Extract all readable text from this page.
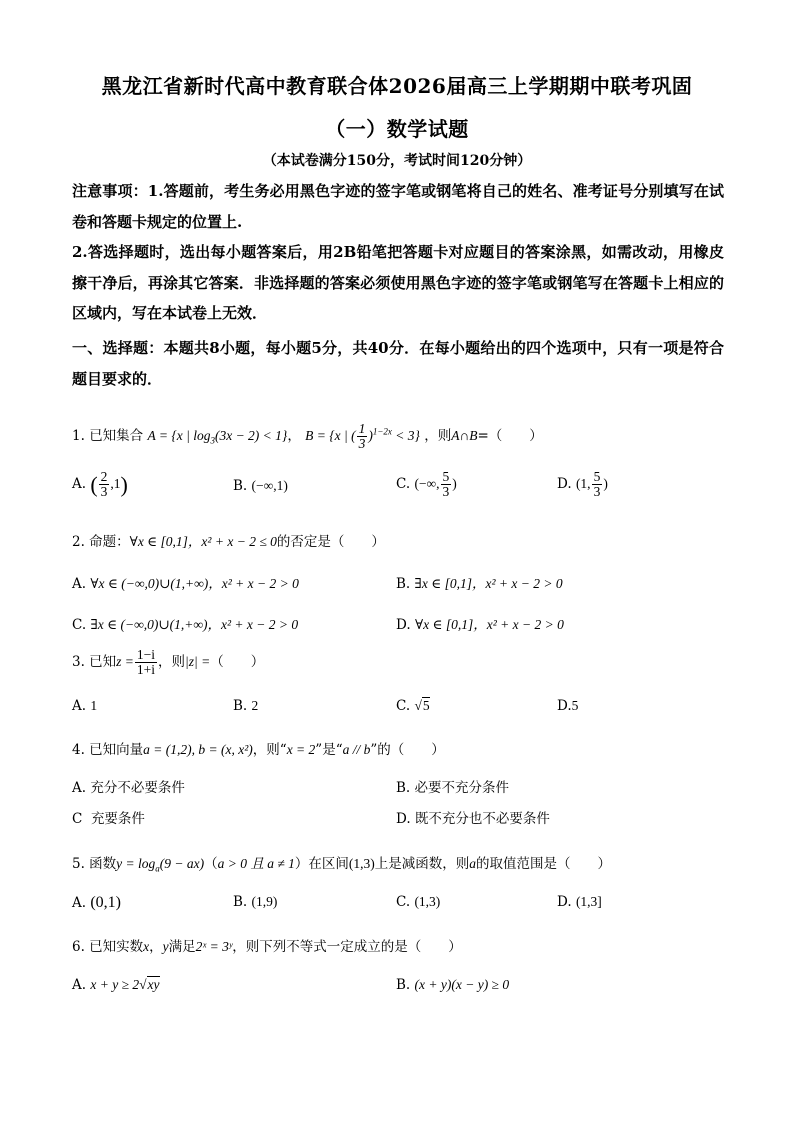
黑龙江省新时代高中教育联合体2026届高三上学期期中联考巩固
（一）数学试题
（本试卷满分150分，考试时间120分钟）
注意事项：1.答题前，考生务必用黑色字迹的签字笔或钢笔将自己的姓名、准考证号分别填写在试卷和答题卡规定的位置上.
2.答选择题时，选出每小题答案后，用2B铅笔把答题卡对应题目的答案涂黑，如需改动，用橡皮擦干净后，再涂其它答案．非选择题的答案必须使用黑色字迹的签字笔或钢笔写在答题卡上相应的区域内，写在本试卷上无效．
一、选择题：本题共8小题，每小题5分，共40分．在每小题给出的四个选项中，只有一项是符合题目要求的．
1. 已知集合 A = {x | $\log_3(3x - 2) < 1$}， B = {x | ( $\frac{1}{3} )^{1-2x} < 3$} ，则A∩B=（　　）
A. ( $\frac{2}{3} ,1$)	B. (−∞,1)	C. (−∞, $\frac{5}{3}$ )	D. (1, $\frac{5}{3}$ )
2. 命题：∀x ∈ [0,1]，x² + x − 2 ≤ 0的否定是（　　）
A. ∀x ∈ (−∞,0)∪(1,+∞)，x² + x − 2 > 0	B. ∃x ∈ [0,1]，x² + x − 2 > 0
C. ∃x ∈ (−∞,0)∪(1,+∞)，x² + x − 2 > 0	D. ∀x ∈ [0,1]，x² + x − 2 > 0
3. 已知$z = \frac{1-i}{1+i}$ ，则|z| =（　　）
A. 1	B. 2	C. √5	D.5
4. 已知向量a = (1,2), b = (x, x²)，则“x = 2”是“a // b”的（　　）
A. 充分不必要条件	B. 必要不充分条件
C 充要条件	D. 既不充分也不必要条件
5. 函数$y = \log_a(9 - ax)(a > 0$ 且 a ≠ 1）在区间(1,3)上是减函数，则a的取值范围是（　　）
A. (0,1)	B. (1,9)	C. (1,3)	D. (1,3]
6. 已知实数x，y满足2ˣ = 3ʸ，则下列不等式一定成立的是（　　）
A. x + y ≥ 2√xy	B. (x + y)(x − y) ≥ 0
